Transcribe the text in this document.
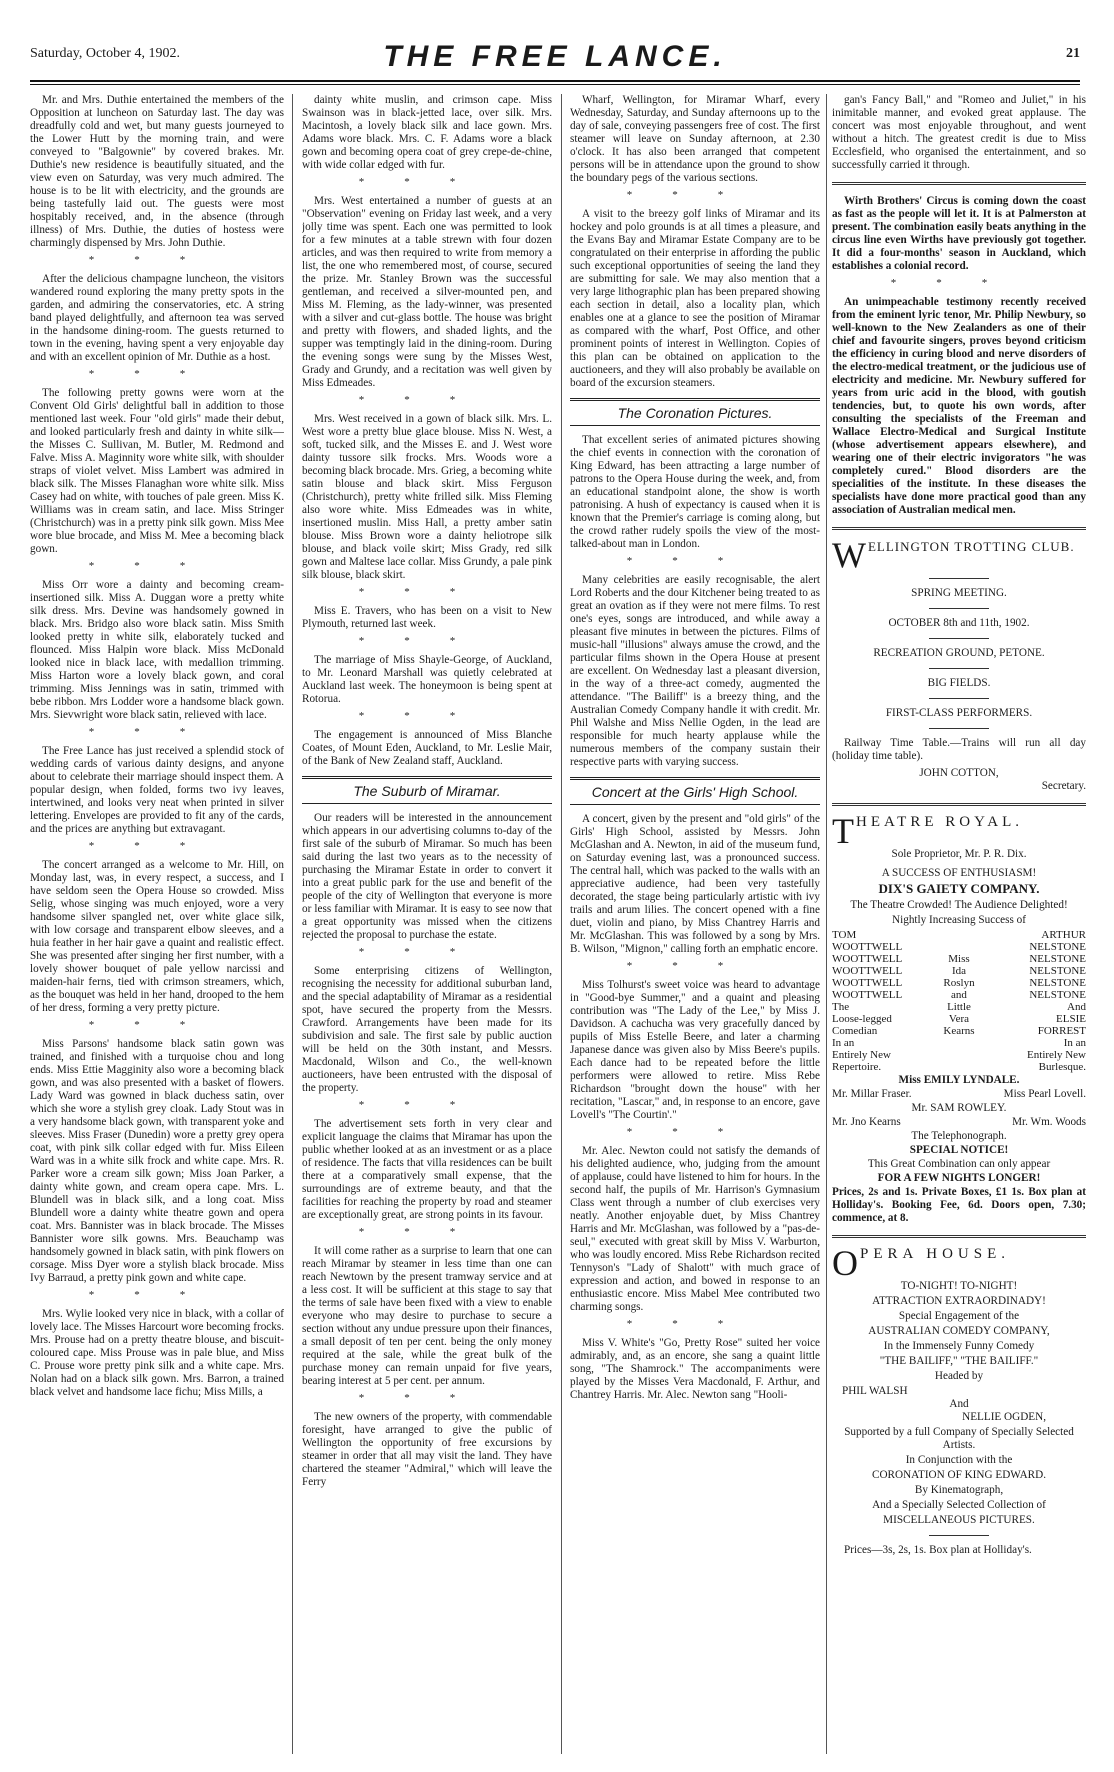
Saturday, October 4, 1902.	THE FREE LANCE.	21

Mr. and Mrs. Duthie entertained the members of the Opposition at luncheon on Saturday last. The day was dreadfully cold and wet, but many guests journeyed to the Lower Hutt by the morning train, and were conveyed to "Balgownie" by covered brakes. Mr. Duthie's new residence is beautifully situated, and the view even on Saturday, was very much admired. The house is to be lit with electricity, and the grounds are being tastefully laid out. The guests were most hospitably received, and, in the absence (through illness) of Mrs. Duthie, the duties of hostess were charmingly dispensed by Mrs. John Duthie.

***

After the delicious champagne luncheon, the visitors wandered round exploring the many pretty spots in the garden, and admiring the conservatories, etc. A string band played delightfully, and afternoon tea was served in the handsome dining-room. The guests returned to town in the evening, having spent a very enjoyable day and with an excellent opinion of Mr. Duthie as a host.

***

The following pretty gowns were worn at the Convent Old Girls' delightful ball in addition to those mentioned last week. Four "old girls" made their debut, and looked particularly fresh and dainty in white silk—the Misses C. Sullivan, M. Butler, M. Redmond and Falve. Miss A. Maginnity wore white silk, with shoulder straps of violet velvet. Miss Lambert was admired in black silk. The Misses Flanaghan wore white silk. Miss Casey had on white, with touches of pale green. Miss K. Williams was in cream satin, and lace. Miss Stringer (Christchurch) was in a pretty pink silk gown. Miss Mee wore blue brocade, and Miss M. Mee a becoming black gown.

***

Miss Orr wore a dainty and becoming cream-insertioned silk. Miss A. Duggan wore a pretty white silk dress. Mrs. Devine was handsomely gowned in black. Mrs. Bridgo also wore black satin. Miss Smith looked pretty in white silk, elaborately tucked and flounced. Miss Halpin wore black. Miss McDonald looked nice in black lace, with medallion trimming. Miss Harton wore a lovely black gown, and coral trimming. Miss Jennings was in satin, trimmed with bebe ribbon. Mrs Lodder wore a handsome black gown. Mrs. Sievwright wore black satin, relieved with lace.

***

The Free Lance has just received a splendid stock of wedding cards of various dainty designs, and anyone about to celebrate their marriage should inspect them. A popular design, when folded, forms two ivy leaves, intertwined, and looks very neat when printed in silver lettering. Envelopes are provided to fit any of the cards, and the prices are anything but extravagant.

***

The concert arranged as a welcome to Mr. Hill, on Monday last, was, in every respect, a success, and I have seldom seen the Opera House so crowded. Miss Selig, whose singing was much enjoyed, wore a very handsome silver spangled net, over white glace silk, with low corsage and transparent elbow sleeves, and a huia feather in her hair gave a quaint and realistic effect. She was presented after singing her first number, with a lovely shower bouquet of pale yellow narcissi and maiden-hair ferns, tied with crimson streamers, which, as the bouquet was held in her hand, drooped to the hem of her dress, forming a very pretty picture.

***

Miss Parsons' handsome black satin gown was trained, and finished with a turquoise chou and long ends. Miss Ettie Magginity also wore a becoming black gown, and was also presented with a basket of flowers. Lady Ward was gowned in black duchess satin, over which she wore a stylish grey cloak. Lady Stout was in a very handsome black gown, with transparent yoke and sleeves. Miss Fraser (Dunedin) wore a pretty grey opera coat, with pink silk collar edged with fur. Miss Eileen Ward was in a white silk frock and white cape. Mrs. R. Parker wore a cream silk gown; Miss Joan Parker, a dainty white gown, and cream opera cape. Mrs. L. Blundell was in black silk, and a long coat. Miss Blundell wore a dainty white theatre gown and opera coat. Mrs. Bannister was in black brocade. The Misses Bannister wore silk gowns. Mrs. Beauchamp was handsomely gowned in black satin, with pink flowers on corsage. Miss Dyer wore a stylish black brocade. Miss Ivy Barraud, a pretty pink gown and white cape.

***

Mrs. Wylie looked very nice in black, with a collar of lovely lace. The Misses Harcourt wore becoming frocks. Mrs. Prouse had on a pretty theatre blouse, and biscuit-coloured cape. Miss Prouse was in pale blue, and Miss C. Prouse wore pretty pink silk and a white cape. Mrs. Nolan had on a black silk gown. Mrs. Barron, a trained black velvet and handsome lace fichu; Miss Mills, a

dainty white muslin, and crimson cape. Miss Swainson was in black-jetted lace, over silk. Mrs. Macintosh, a lovely black silk and lace gown. Mrs. Adams wore black. Mrs. C. F. Adams wore a black gown and becoming opera coat of grey crepe-de-chine, with wide collar edged with fur.

***

Mrs. West entertained a number of guests at an "Observation" evening on Friday last week, and a very jolly time was spent. Each one was permitted to look for a few minutes at a table strewn with four dozen articles, and was then required to write from memory a list, the one who remembered most, of course, secured the prize. Mr. Stanley Brown was the successful gentleman, and received a silver-mounted pen, and Miss M. Fleming, as the lady-winner, was presented with a silver and cut-glass bottle. The house was bright and pretty with flowers, and shaded lights, and the supper was temptingly laid in the dining-room. During the evening songs were sung by the Misses West, Grady and Grundy, and a recitation was well given by Miss Edmeades.

***

Mrs. West received in a gown of black silk. Mrs. L. West wore a pretty blue glace blouse. Miss N. West, a soft, tucked silk, and the Misses E. and J. West wore dainty tussore silk frocks. Mrs. Woods wore a becoming black brocade. Mrs. Grieg, a becoming white satin blouse and black skirt. Miss Ferguson (Christchurch), pretty white frilled silk. Miss Fleming also wore white. Miss Edmeades was in white, insertioned muslin. Miss Hall, a pretty amber satin blouse. Miss Brown wore a dainty heliotrope silk blouse, and black voile skirt; Miss Grady, red silk gown and Maltese lace collar. Miss Grundy, a pale pink silk blouse, black skirt.

***

Miss E. Travers, who has been on a visit to New Plymouth, returned last week.

***

The marriage of Miss Shayle-George, of Auckland, to Mr. Leonard Marshall was quietly celebrated at Auckland last week. The honeymoon is being spent at Rotorua.

***

The engagement is announced of Miss Blanche Coates, of Mount Eden, Auckland, to Mr. Leslie Mair, of the Bank of New Zealand staff, Auckland.

The Suburb of Miramar.

Our readers will be interested in the announcement which appears in our advertising columns to-day of the first sale of the suburb of Miramar. So much has been said during the last two years as to the necessity of purchasing the Miramar Estate in order to convert it into a great public park for the use and benefit of the people of the city of Wellington that everyone is more or less familiar with Miramar. It is easy to see now that a great opportunity was missed when the citizens rejected the proposal to purchase the estate.

***

Some enterprising citizens of Wellington, recognising the necessity for additional suburban land, and the special adaptability of Miramar as a residential spot, have secured the property from the Messrs. Crawford. Arrangements have been made for its subdivision and sale. The first sale by public auction will be held on the 30th instant, and Messrs. Macdonald, Wilson and Co., the well-known auctioneers, have been entrusted with the disposal of the property.

***

The advertisement sets forth in very clear and explicit language the claims that Miramar has upon the public whether looked at as an investment or as a place of residence. The facts that villa residences can be built there at a comparatively small expense, that the surroundings are of extreme beauty, and that the facilities for reaching the property by road and steamer are exceptionally great, are strong points in its favour.

***

It will come rather as a surprise to learn that one can reach Miramar by steamer in less time than one can reach Newtown by the present tramway service and at a less cost. It will be sufficient at this stage to say that the terms of sale have been fixed with a view to enable everyone who may desire to purchase to secure a section without any undue pressure upon their finances, a small deposit of ten per cent. being the only money required at the sale, while the great bulk of the purchase money can remain unpaid for five years, bearing interest at 5 per cent. per annum.

***

The new owners of the property, with commendable foresight, have arranged to give the public of Wellington the opportunity of free excursions by steamer in order that all may visit the land. They have chartered the steamer "Admiral," which will leave the Ferry

Wharf, Wellington, for Miramar Wharf, every Wednesday, Saturday, and Sunday afternoons up to the day of sale, conveying passengers free of cost. The first steamer will leave on Sunday afternoon, at 2.30 o'clock. It has also been arranged that competent persons will be in attendance upon the ground to show the boundary pegs of the various sections.

***

A visit to the breezy golf links of Miramar and its hockey and polo grounds is at all times a pleasure, and the Evans Bay and Miramar Estate Company are to be congratulated on their enterprise in affording the public such exceptional opportunities of seeing the land they are submitting for sale. We may also mention that a very large lithographic plan has been prepared showing each section in detail, also a locality plan, which enables one at a glance to see the position of Miramar as compared with the wharf, Post Office, and other prominent points of interest in Wellington. Copies of this plan can be obtained on application to the auctioneers, and they will also probably be available on board of the excursion steamers.

The Coronation Pictures.

That excellent series of animated pictures showing the chief events in connection with the coronation of King Edward, has been attracting a large number of patrons to the Opera House during the week, and, from an educational standpoint alone, the show is worth patronising. A hush of expectancy is caused when it is known that the Premier's carriage is coming along, but the crowd rather rudely spoils the view of the most-talked-about man in London.

***

Many celebrities are easily recognisable, the alert Lord Roberts and the dour Kitchener being treated to as great an ovation as if they were not mere films. To rest one's eyes, songs are introduced, and while away a pleasant five minutes in between the pictures. Films of music-hall "illusions" always amuse the crowd, and the particular films shown in the Opera House at present are excellent. On Wednesday last a pleasant diversion, in the way of a three-act comedy, augmented the attendance. "The Bailiff" is a breezy thing, and the Australian Comedy Company handle it with credit. Mr. Phil Walshe and Miss Nellie Ogden, in the lead are responsible for much hearty applause while the numerous members of the company sustain their respective parts with varying success.

Concert at the Girls' High School.

A concert, given by the present and "old girls" of the Girls' High School, assisted by Messrs. John McGlashan and A. Newton, in aid of the museum fund, on Saturday evening last, was a pronounced success. The central hall, which was packed to the walls with an appreciative audience, had been very tastefully decorated, the stage being particularly artistic with ivy trails and arum lilies. The concert opened with a fine duet, violin and piano, by Miss Chantrey Harris and Mr. McGlashan. This was followed by a song by Mrs. B. Wilson, "Mignon," calling forth an emphatic encore.

***

Miss Tolhurst's sweet voice was heard to advantage in "Good-bye Summer," and a quaint and pleasing contribution was "The Lady of the Lee," by Miss J. Davidson. A cachucha was very gracefully danced by pupils of Miss Estelle Beere, and later a charming Japanese dance was given also by Miss Beere's pupils. Each dance had to be repeated before the little performers were allowed to retire. Miss Rebe Richardson "brought down the house" with her recitation, "Lascar," and, in response to an encore, gave Lovell's "The Courtin'."

***

Mr. Alec. Newton could not satisfy the demands of his delighted audience, who, judging from the amount of applause, could have listened to him for hours. In the second half, the pupils of Mr. Harrison's Gymnasium Class went through a number of club exercises very neatly. Another enjoyable duet, by Miss Chantrey Harris and Mr. McGlashan, was followed by a "pas-de-seul," executed with great skill by Miss V. Warburton, who was loudly encored. Miss Rebe Richardson recited Tennyson's "Lady of Shalott" with much grace of expression and action, and bowed in response to an enthusiastic encore. Miss Mabel Mee contributed two charming songs.

***

Miss V. White's "Go, Pretty Rose" suited her voice admirably, and, as an encore, she sang a quaint little song, "The Shamrock." The accompaniments were played by the Misses Vera Macdonald, F. Arthur, and Chantrey Harris. Mr. Alec. Newton sang "Hooli-

gan's Fancy Ball," and "Romeo and Juliet," in his inimitable manner, and evoked great applause. The concert was most enjoyable throughout, and went without a hitch. The greatest credit is due to Miss Ecclesfield, who organised the entertainment, and so successfully carried it through.

Wirth Brothers' Circus is coming down the coast as fast as the people will let it. It is at Palmerston at present. The combination easily beats anything in the circus line even Wirths have previously got together. It did a four-months' season in Auckland, which establishes a colonial record.

***

An unimpeachable testimony recently received from the eminent lyric tenor, Mr. Philip Newbury, so well-known to the New Zealanders as one of their chief and favourite singers, proves beyond criticism the efficiency in curing blood and nerve disorders of the electro-medical treatment, or the judicious use of electricity and medicine. Mr. Newbury suffered for years from uric acid in the blood, with goutish tendencies, but, to quote his own words, after consulting the specialists of the Freeman and Wallace Electro-Medical and Surgical Institute (whose advertisement appears elsewhere), and wearing one of their electric invigorators "he was completely cured." Blood disorders are the specialities of the institute. In these diseases the specialists have done more practical good than any association of Australian medical men.

W ELLINGTON TROTTING CLUB.
SPRING MEETING.
OCTOBER 8th and 11th, 1902.
RECREATION GROUND, PETONE.
BIG FIELDS.
FIRST-CLASS PERFORMERS.

Railway Time Table.—Trains will run all day (holiday time table).

JOHN COTTON,
Secretary.
T HEATRE ROYAL.
Sole Proprietor, Mr. P. R. Dix.
A SUCCESS OF ENTHUSIASM!
DIX'S GAIETY COMPANY.
The Theatre Crowded! The Audience Delighted!
Nightly Increasing Success of
TOM		ARTHUR
WOOTTWELL		NELSTONE
WOOTTWELL	Miss	NELSTONE
WOOTTWELL	Ida	NELSTONE
WOOTTWELL	Roslyn	NELSTONE
WOOTTWELL	and	NELSTONE
The	Little	And
Loose-legged	Vera	ELSIE
Comedian	Kearns	FORREST
In an		In an
Entirely New		Entirely New
Repertoire.		Burlesque.
Miss EMILY LYNDALE.
Mr. Millar Fraser.	Miss Pearl Lovell.
Mr. SAM ROWLEY.
Mr. Jno Kearns	Mr. Wm. Woods
The Telephonograph.
SPECIAL NOTICE!
This Great Combination can only appear
FOR A FEW NIGHTS LONGER!

Prices, 2s and 1s. Private Boxes, £1 1s. Box plan at Holliday's. Booking Fee, 6d. Doors open, 7.30; commence, at 8.

O PERA HOUSE.
TO-NIGHT! TO-NIGHT!
ATTRACTION EXTRAORDINADY!
Special Engagement of the
AUSTRALIAN COMEDY COMPANY,
In the Immensely Funny Comedy
"THE BAILIFF," "THE BAILIFF."
Headed by
PHIL WALSH
And
NELLIE OGDEN,
Supported by a full Company of Specially Selected Artists.
In Conjunction with the
CORONATION OF KING EDWARD.
By Kinematograph,
And a Specially Selected Collection of
MISCELLANEOUS PICTURES.

Prices—3s, 2s, 1s. Box plan at Holliday's.
